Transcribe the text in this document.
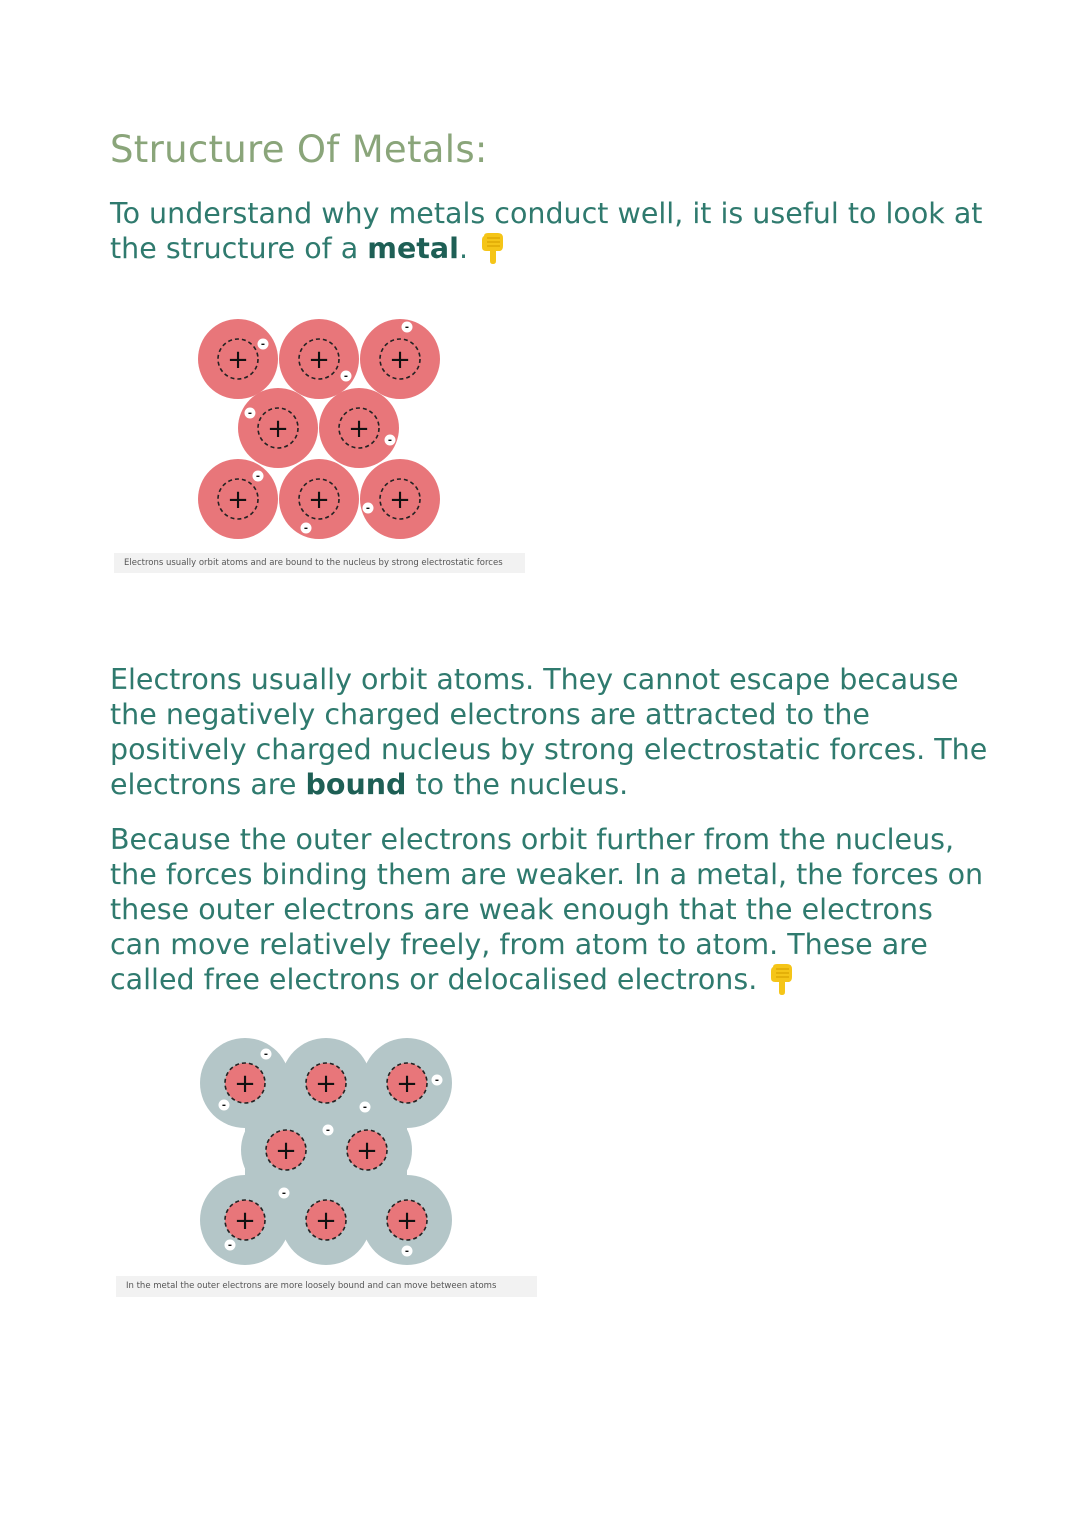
Structure Of Metals:

To understand why metals conduct well, it is useful to look at the structure of a metal.

+ + +
+ +
+ + +
-
-
-
-
-
-
-
-
Electrons usually orbit atoms and are bound to the nucleus by strong electrostatic forces

Electrons usually orbit atoms. They cannot escape because the negatively charged electrons are attracted to the positively charged nucleus by strong electrostatic forces. The electrons are bound to the nucleus.

Because the outer electrons orbit further from the nucleus, the forces binding them are weaker. In a metal, the forces on these outer electrons are weak enough that the electrons can move relatively freely, from atom to atom. These are called free electrons or delocalised electrons.

+ + +
+ +
+ + +
-
-	-
-
-
-
-
-
In the metal the outer electrons are more loosely bound and can move between atoms
